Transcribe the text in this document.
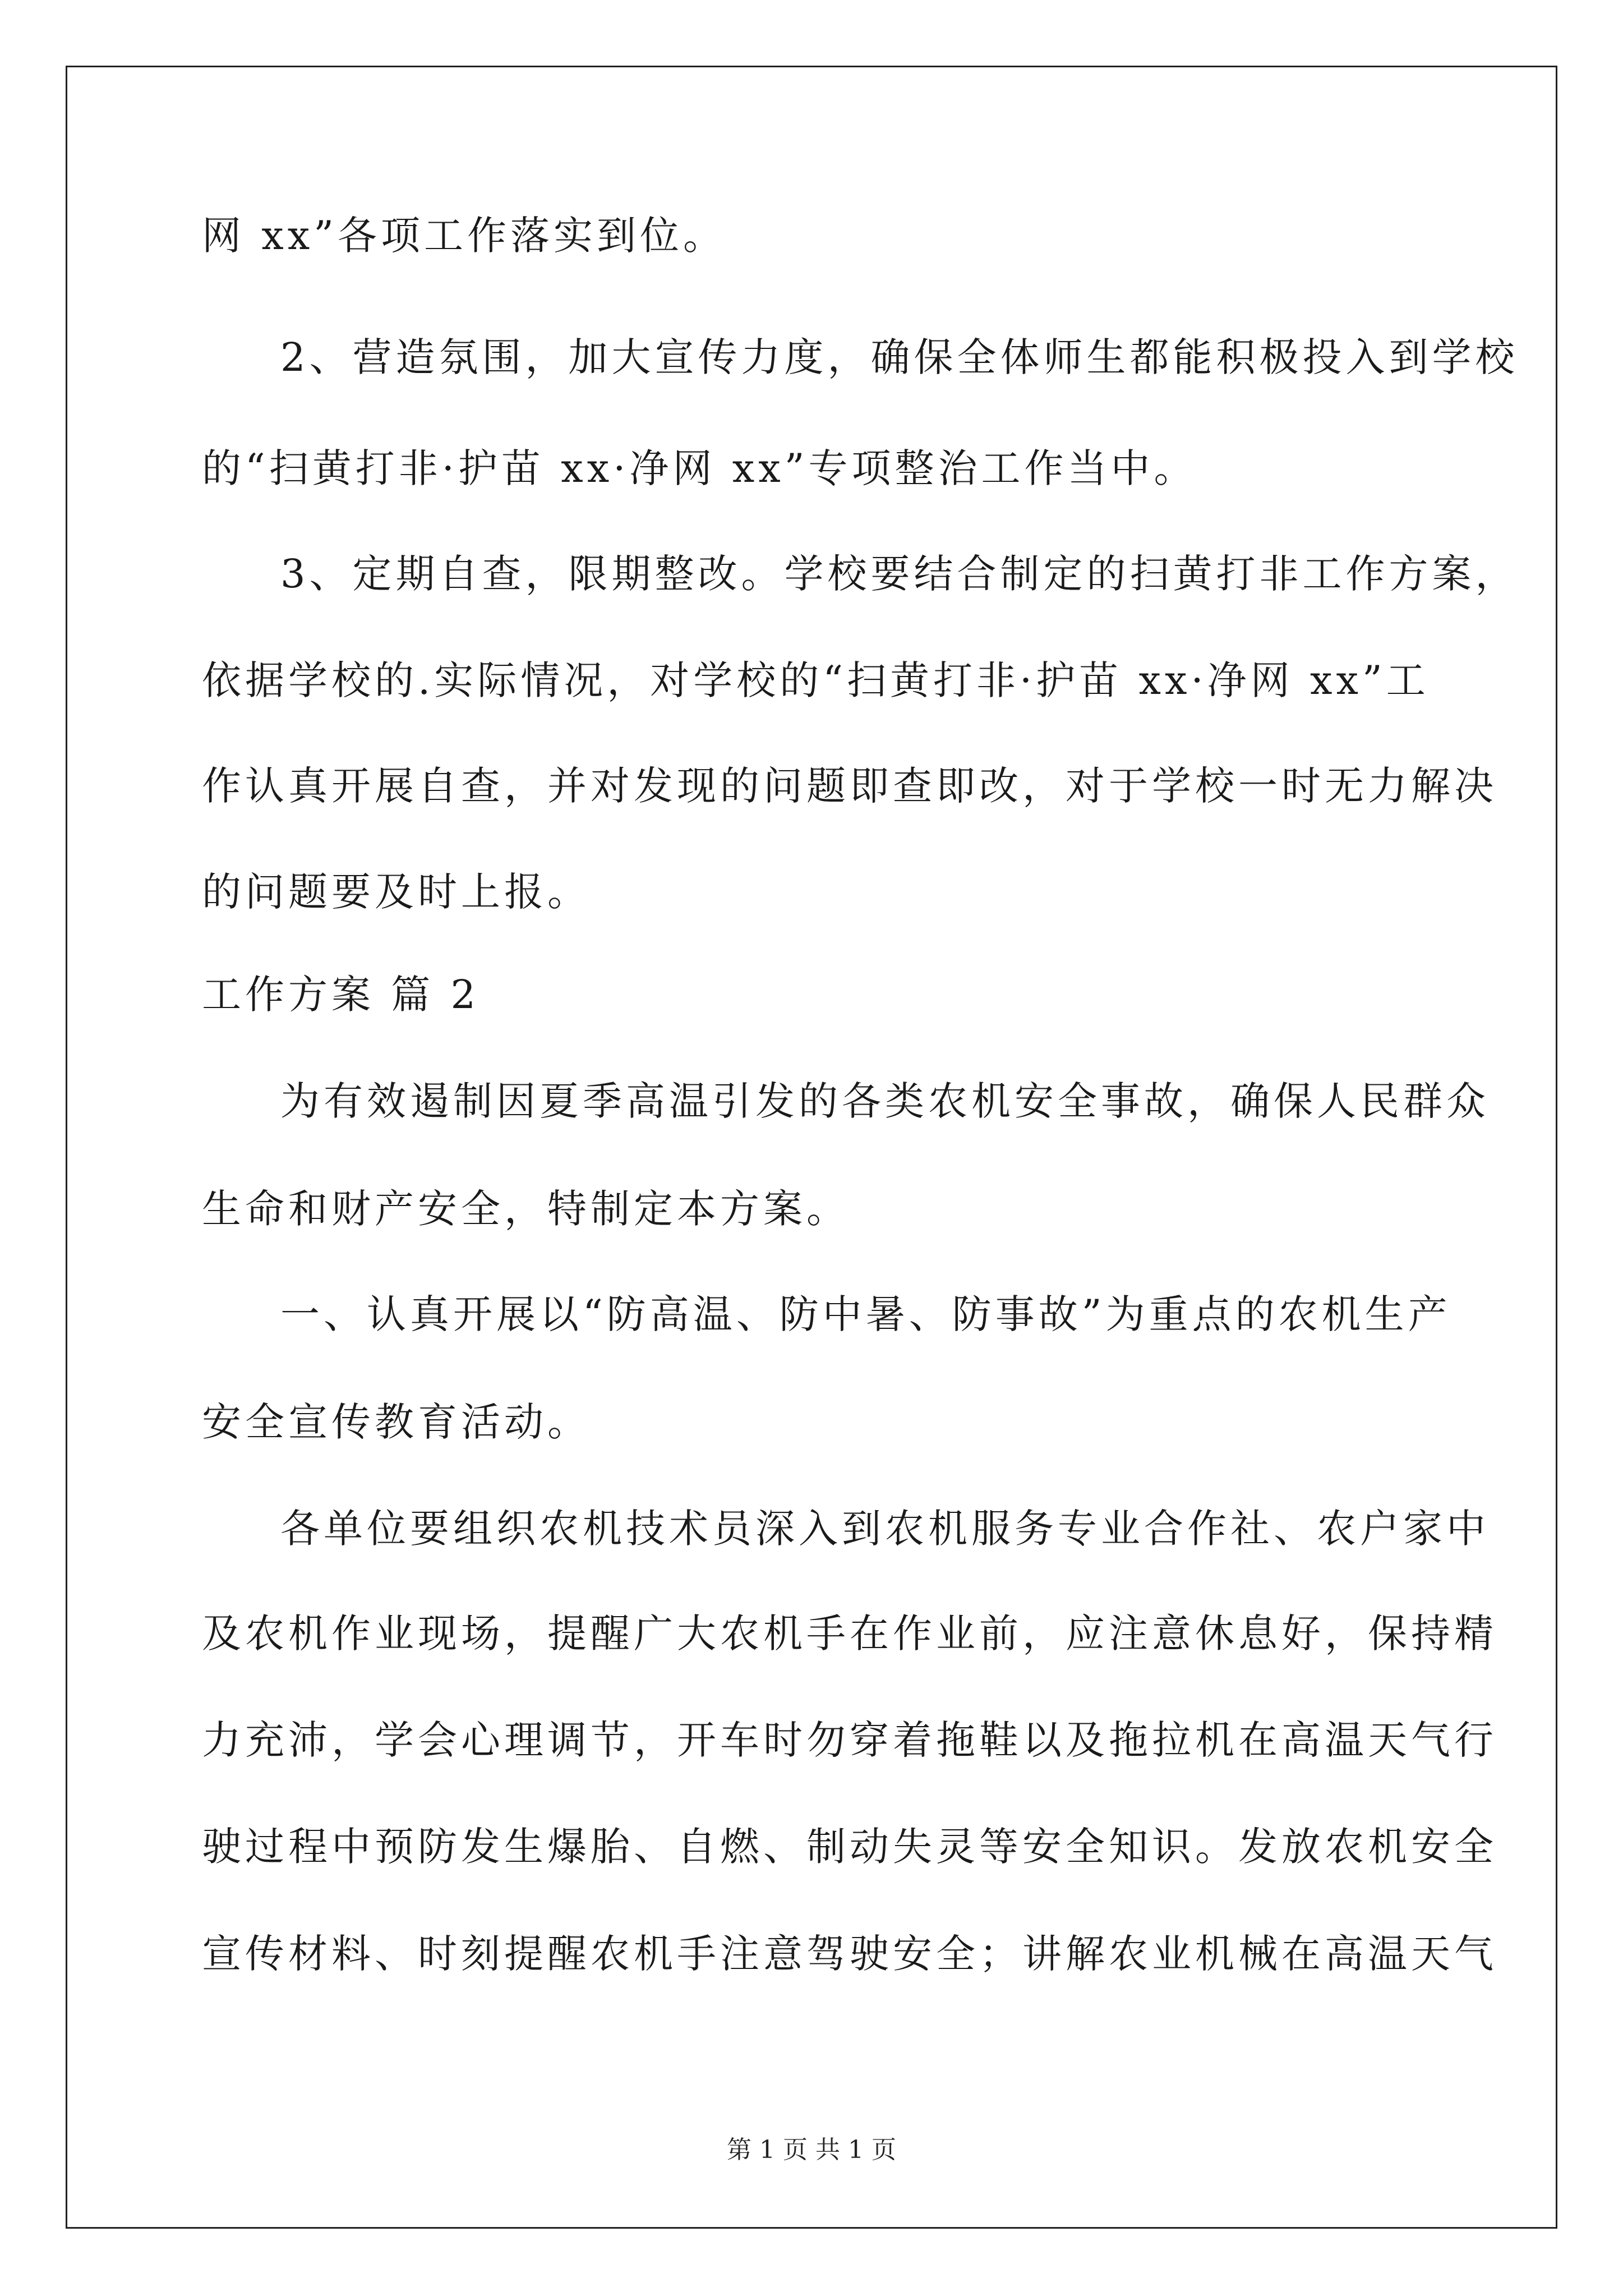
网 xx”各项工作落实到位。
2、营造氛围，加大宣传力度，确保全体师生都能积极投入到学校
的“扫黄打非·护苗 xx·净网 xx”专项整治工作当中。
3、定期自查，限期整改。学校要结合制定的扫黄打非工作方案，
依据学校的.实际情况，对学校的“扫黄打非·护苗 xx·净网 xx”工
作认真开展自查，并对发现的问题即查即改，对于学校一时无力解决
的问题要及时上报。
工作方案 篇 2
为有效遏制因夏季高温引发的各类农机安全事故，确保人民群众
生命和财产安全，特制定本方案。
一、认真开展以“防高温、防中暑、防事故”为重点的农机生产
安全宣传教育活动。
各单位要组织农机技术员深入到农机服务专业合作社、农户家中
及农机作业现场，提醒广大农机手在作业前，应注意休息好，保持精
力充沛，学会心理调节，开车时勿穿着拖鞋以及拖拉机在高温天气行
驶过程中预防发生爆胎、自燃、制动失灵等安全知识。发放农机安全
宣传材料、时刻提醒农机手注意驾驶安全；讲解农业机械在高温天气
第 1 页 共 1 页
